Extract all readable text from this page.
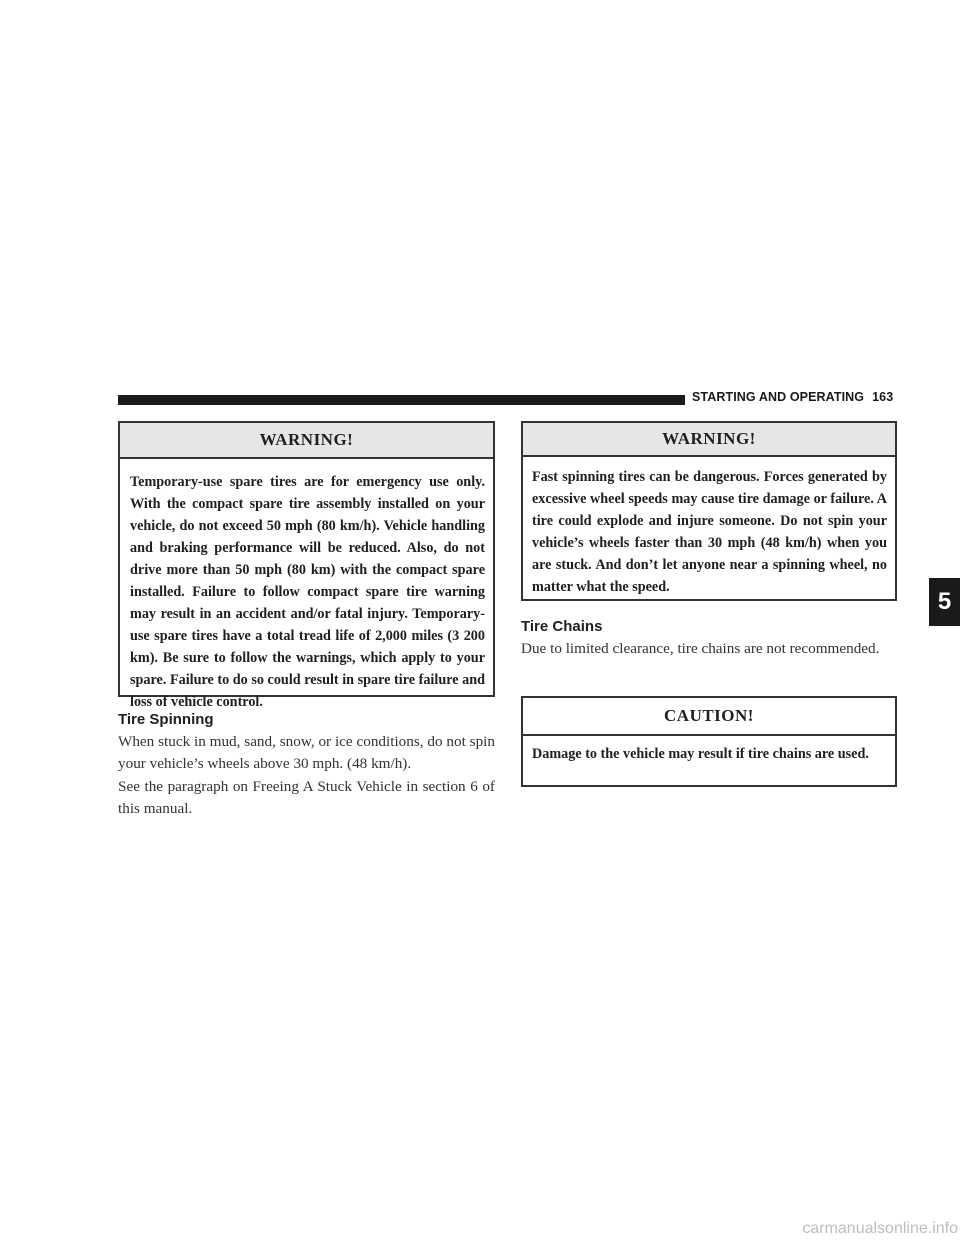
STARTING AND OPERATING 163
5
WARNING!
Temporary-use spare tires are for emergency use only. With the compact spare tire assembly installed on your vehicle, do not exceed 50 mph (80 km/h). Vehicle handling and braking performance will be reduced. Also, do not drive more than 50 mph (80 km) with the compact spare installed. Failure to follow compact spare tire warning may result in an accident and/or fatal injury. Temporary-use spare tires have a total tread life of 2,000 miles (3 200 km). Be sure to follow the warnings, which apply to your spare. Failure to do so could result in spare tire failure and loss of vehicle control.
Tire Spinning
When stuck in mud, sand, snow, or ice conditions, do not spin your vehicle’s wheels above 30 mph. (48 km/h).
See the paragraph on Freeing A Stuck Vehicle in section 6 of this manual.
WARNING!
Fast spinning tires can be dangerous. Forces generated by excessive wheel speeds may cause tire damage or failure. A tire could explode and injure someone. Do not spin your vehicle’s wheels faster than 30 mph (48 km/h) when you are stuck. And don’t let anyone near a spinning wheel, no matter what the speed.
Tire Chains
Due to limited clearance, tire chains are not recommended.
CAUTION!
Damage to the vehicle may result if tire chains are used.
carmanualsonline.info
